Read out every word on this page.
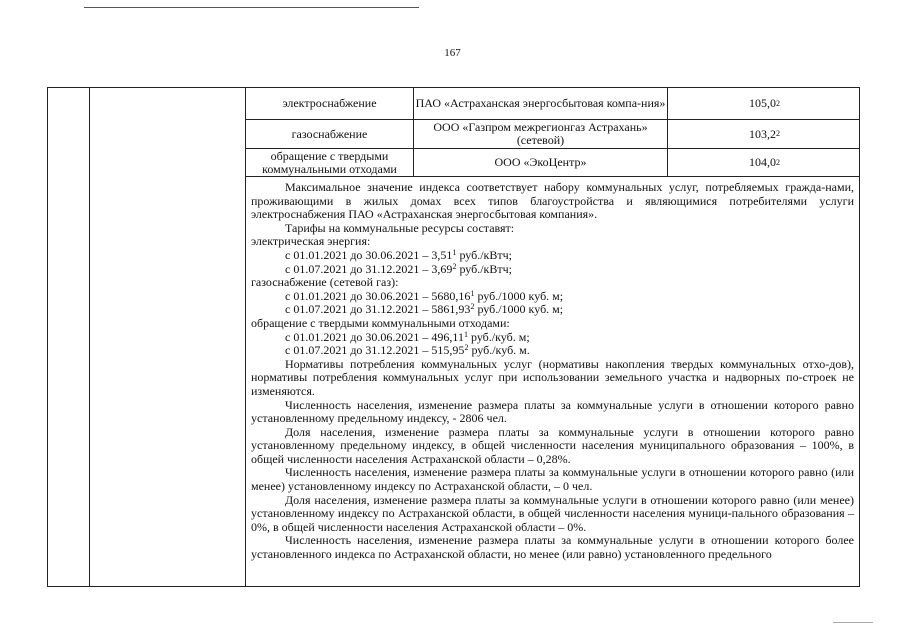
167
электроснабжение	ПАО «Астраханская энергосбытовая компа-ния»	105,0 2
газоснабжение	ООО «Газпром межрегионгаз Астрахань» (сетевой)	103,2 2
обращение с твердыми коммунальными отходами	ООО «ЭкоЦентр»	104,0 2

Максимальное значение индекса соответствует набору коммунальных услуг, потребляемых гражда-нами, проживающими в жилых домах всех типов благоустройства и являющимися потребителями услуги электроснабжения ПАО «Астраханская энергосбытовая компания».

Тарифы на коммунальные ресурсы составят:

электрическая энергия:

с 01.01.2021 до 30.06.2021 – 3,51$^1$ руб./кВтч;

с 01.07.2021 до 31.12.2021 – 3,69$^2$ руб./кВтч;

газоснабжение (сетевой газ):

с 01.01.2021 до 30.06.2021 – 5680,16$^1$ руб./1000 куб. м;

с 01.07.2021 до 31.12.2021 – 5861,93$^2$ руб./1000 куб. м;

обращение с твердыми коммунальными отходами:

с 01.01.2021 до 30.06.2021 – 496,11$^1$ руб./куб. м;

с 01.07.2021 до 31.12.2021 – 515,95$^2$ руб./куб. м.

Нормативы потребления коммунальных услуг (нормативы накопления твердых коммунальных отхо-дов), нормативы потребления коммунальных услуг при использовании земельного участка и надворных по-строек не изменяются.

Численность населения, изменение размера платы за коммунальные услуги в отношении которого равно установленному предельному индексу, - 2806 чел.

Доля населения, изменение размера платы за коммунальные услуги в отношении которого равно установленному предельному индексу, в общей численности населения муниципального образования – 100%, в общей численности населения Астраханской области – 0,28%.

Численность населения, изменение размера платы за коммунальные услуги в отношении которого равно (или менее) установленному индексу по Астраханской области, – 0 чел.

Доля населения, изменение размера платы за коммунальные услуги в отношении которого равно (или менее) установленному индексу по Астраханской области, в общей численности населения муници-пального образования – 0%, в общей численности населения Астраханской области – 0%.

Численность населения, изменение размера платы за коммунальные услуги в отношении которого более установленного индекса по Астраханской области, но менее (или равно) установленного предельного
